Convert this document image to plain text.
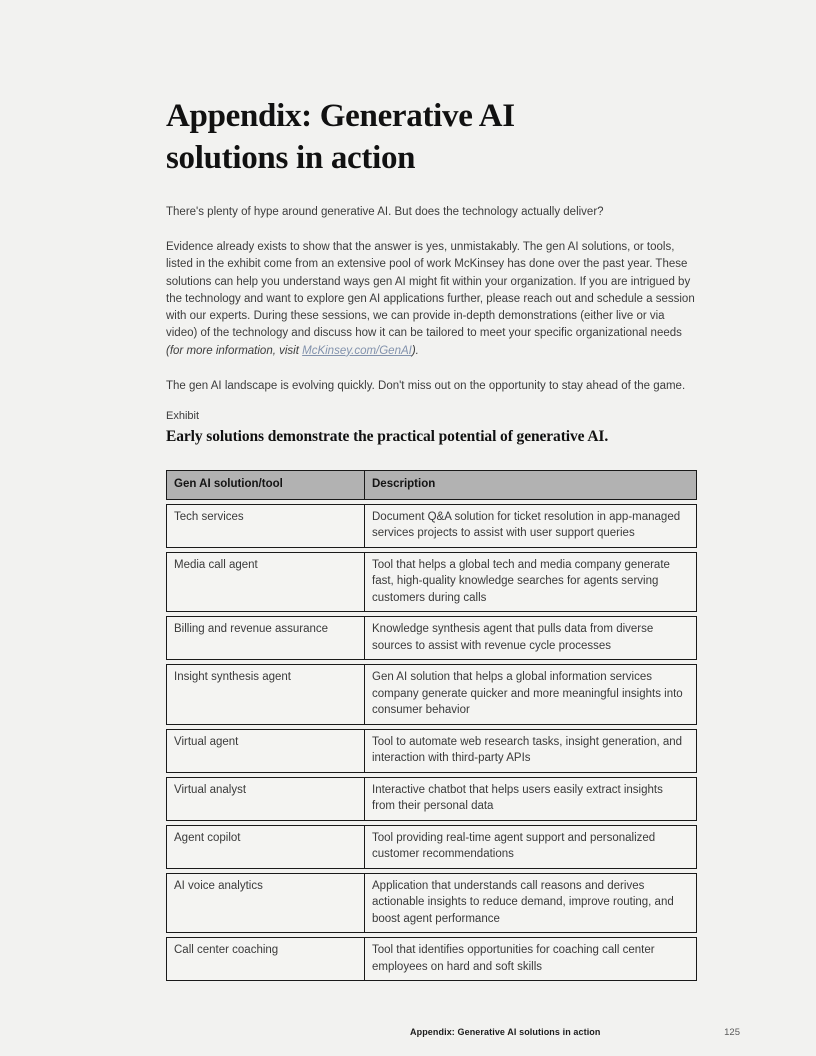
Appendix: Generative AI solutions in action

There's plenty of hype around generative AI. But does the technology actually deliver?

Evidence already exists to show that the answer is yes, unmistakably. The gen AI solutions, or tools, listed in the exhibit come from an extensive pool of work McKinsey has done over the past year. These solutions can help you understand ways gen AI might fit within your organization. If you are intrigued by the technology and want to explore gen AI applications further, please reach out and schedule a session with our experts. During these sessions, we can provide in-depth demonstrations (either live or via video) of the technology and discuss how it can be tailored to meet your specific organizational needs (for more information, visit McKinsey.com/GenAI).

The gen AI landscape is evolving quickly. Don't miss out on the opportunity to stay ahead of the game.

Exhibit
Early solutions demonstrate the practical potential of generative AI.
Gen AI solution/tool	Description
Tech services	Document Q&A solution for ticket resolution in app-managed services projects to assist with user support queries
Media call agent	Tool that helps a global tech and media company generate fast, high-quality knowledge searches for agents serving customers during calls
Billing and revenue assurance	Knowledge synthesis agent that pulls data from diverse sources to assist with revenue cycle processes
Insight synthesis agent	Gen AI solution that helps a global information services company generate quicker and more meaningful insights into consumer behavior
Virtual agent	Tool to automate web research tasks, insight generation, and interaction with third-party APIs
Virtual analyst	Interactive chatbot that helps users easily extract insights from their personal data
Agent copilot	Tool providing real-time agent support and personalized customer recommendations
AI voice analytics	Application that understands call reasons and derives actionable insights to reduce demand, improve routing, and boost agent performance
Call center coaching	Tool that identifies opportunities for coaching call center employees on hard and soft skills
Appendix: Generative AI solutions in action	125
